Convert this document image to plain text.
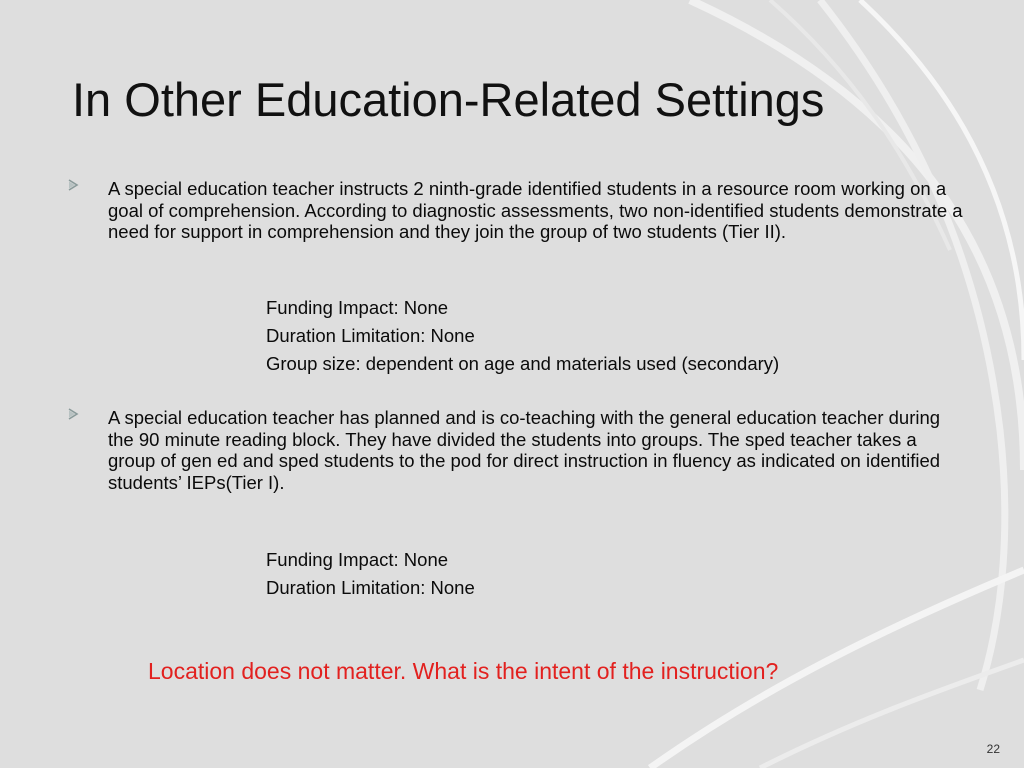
In Other Education-Related Settings
A special education teacher instructs 2 ninth-grade identified students in a resource room working on a goal of comprehension. According to diagnostic assessments, two non-identified students demonstrate a need for support in comprehension and they join the group of two students (Tier II).
Funding Impact: None
Duration Limitation: None
Group size: dependent on age and materials used (secondary)
A special education teacher has planned and is co-teaching with the general education teacher during the 90 minute reading block. They have divided the students into groups. The sped teacher takes a group of gen ed and sped students to the pod for direct instruction in fluency as indicated on identified students’ IEPs(Tier I).
Funding Impact: None
Duration Limitation: None
Location does not matter. What is the intent of the instruction?
22
